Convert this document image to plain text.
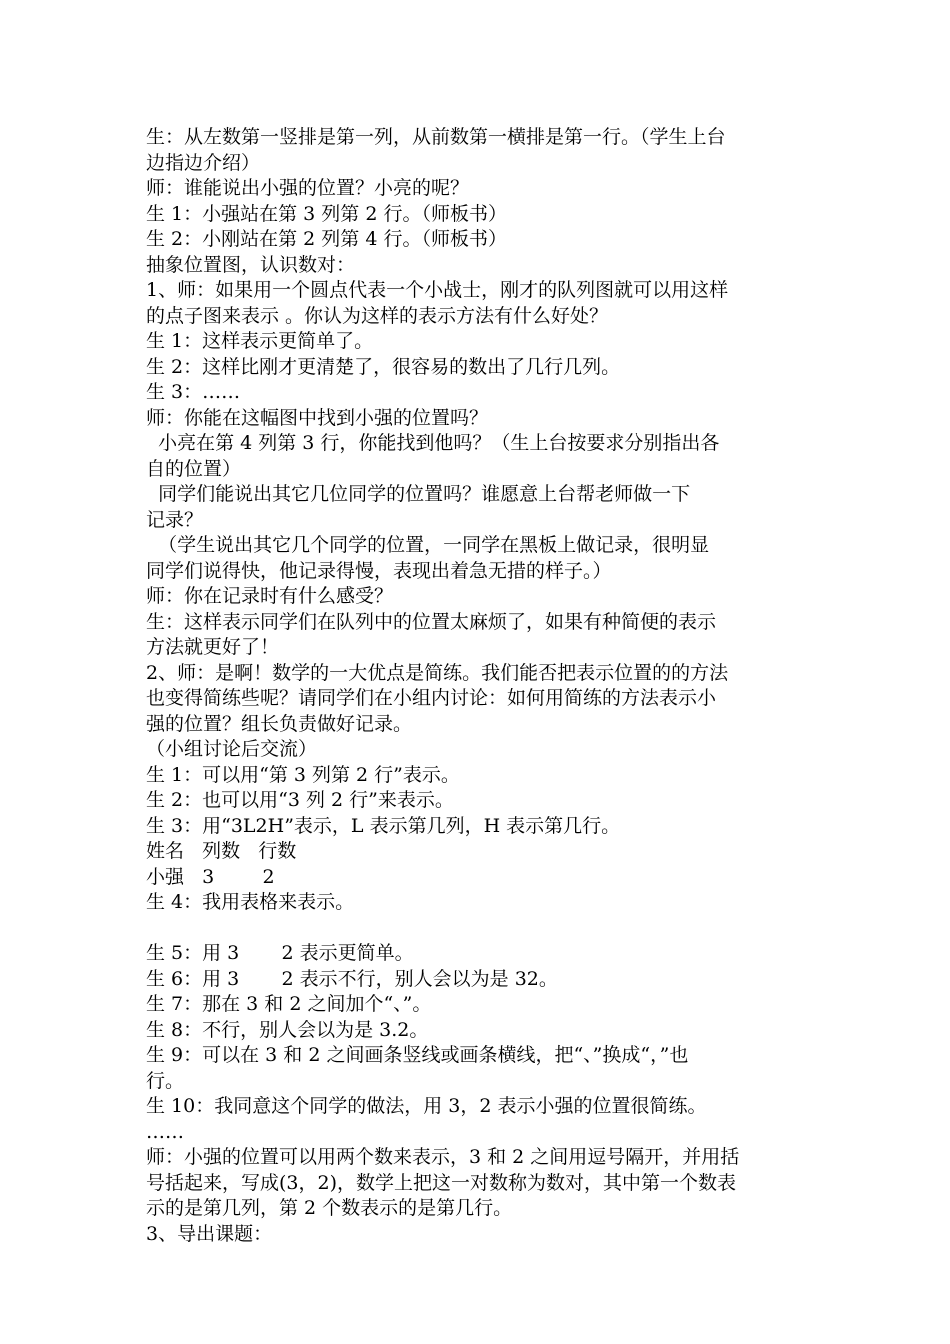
生：从左数第一竖排是第一列，从前数第一横排是第一行。（学生上台
边指边介绍）
师：谁能说出小强的位置？小亮的呢？
生 1：小强站在第 3 列第 2 行。（师板书）
生 2：小刚站在第 2 列第 4 行。（师板书）
抽象位置图，认识数对：
1、师：如果用一个圆点代表一个小战士，刚才的队列图就可以用这样
的点子图来表示 。你认为这样的表示方法有什么好处？
生 1：这样表示更简单了。
生 2：这样比刚才更清楚了，很容易的数出了几行几列。
生 3：……
师：你能在这幅图中找到小强的位置吗？
小亮在第 4 列第 3 行，你能找到他吗？（生上台按要求分别指出各
自的位置）
同学们能说出其它几位同学的位置吗？谁愿意上台帮老师做一下
记录？
（学生说出其它几个同学的位置，一同学在黑板上做记录，很明显
同学们说得快，他记录得慢，表现出着急无措的样子。）
师：你在记录时有什么感受？
生：这样表示同学们在队列中的位置太麻烦了，如果有种简便的表示
方法就更好了！
2、师：是啊！数学的一大优点是简练。我们能否把表示位置的的方法
也变得简练些呢？请同学们在小组内讨论：如何用简练的方法表示小
强的位置？组长负责做好记录。
（小组讨论后交流）
生 1：可以用“第 3 列第 2 行”表示。
生 2：也可以用“3 列 2 行”来表示。
生 3：用“3L2H”表示，L 表示第几列，H 表示第几行。
姓名   列数   行数
小强   3        2
生 4：我用表格来表示。
生 5：用 3       2 表示更简单。
生 6：用 3       2 表示不行，别人会以为是 32。
生 7：那在 3 和 2 之间加个“、”。
生 8：不行，别人会以为是 3.2。
生 9：可以在 3 和 2 之间画条竖线或画条横线，把“、”换成“，”也
行。
生 10：我同意这个同学的做法，用 3，2 表示小强的位置很简练。
……
师：小强的位置可以用两个数来表示，3 和 2 之间用逗号隔开，并用括
号括起来，写成(3，2)，数学上把这一对数称为数对，其中第一个数表
示的是第几列，第 2 个数表示的是第几行。
3、导出课题：
